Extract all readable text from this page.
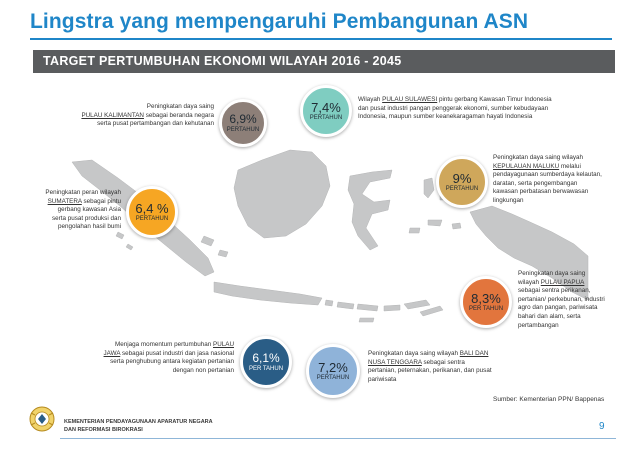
Lingstra yang mempengaruhi Pembangunan ASN
TARGET PERTUMBUHAN EKONOMI WILAYAH 2016 - 2045
6,9%
PERTAHUN
Peningkatan daya saing
PULAU KALIMANTAN sebagai beranda negara
serta pusat pertambangan dan kehutanan
7,4%
PERTAHUN
Wilayah PULAU SULAWESI pintu gerbang Kawasan Timur Indonesia
dan pusat industri pangan penggerak ekonomi, sumber kebudayaan
Indonesia, maupun sumber keanekaragaman hayati Indonesia
9%
PERTAHUN
Peningkatan daya saing wilayah
KEPULAUAN MALUKU melalui
pendayagunaan sumberdaya kelautan,
daratan, serta pengembangan
kawasan perbatasan berwawasan
lingkungan
6,4 %
PERTAHUN
Peningkatan peran wilayah
SUMATERA sebagai pintu
gerbang kawasan Asia
serta pusat produksi dan
pengolahan hasil bumi
8,3%
PER TAHUN
Peningkatan daya saing
wilayah PULAU PAPUA
sebagai sentra perikanan,
pertanian/ perkebunan, industri
agro dan pangan, pariwisata
bahari dan alam, serta
pertambangan
6,1%
PER TAHUN
Menjaga momentum pertumbuhan PULAU
JAWA sebagai pusat industri dan jasa nasional
serta penghubung antara kegiatan pertanian
dengan non pertanian	7,2%
PERTAHUN
Peningkatan daya saing wilayah BALI DAN
NUSA TENGGARA sebagai sentra
pertanian, peternakan, perikanan, dan pusat
pariwisata
Sumber: Kementerian PPN/ Bappenas
KEMENTERIAN PENDAYAGUNAAN APARATUR NEGARA
DAN REFORMASI BIROKRASI	9
